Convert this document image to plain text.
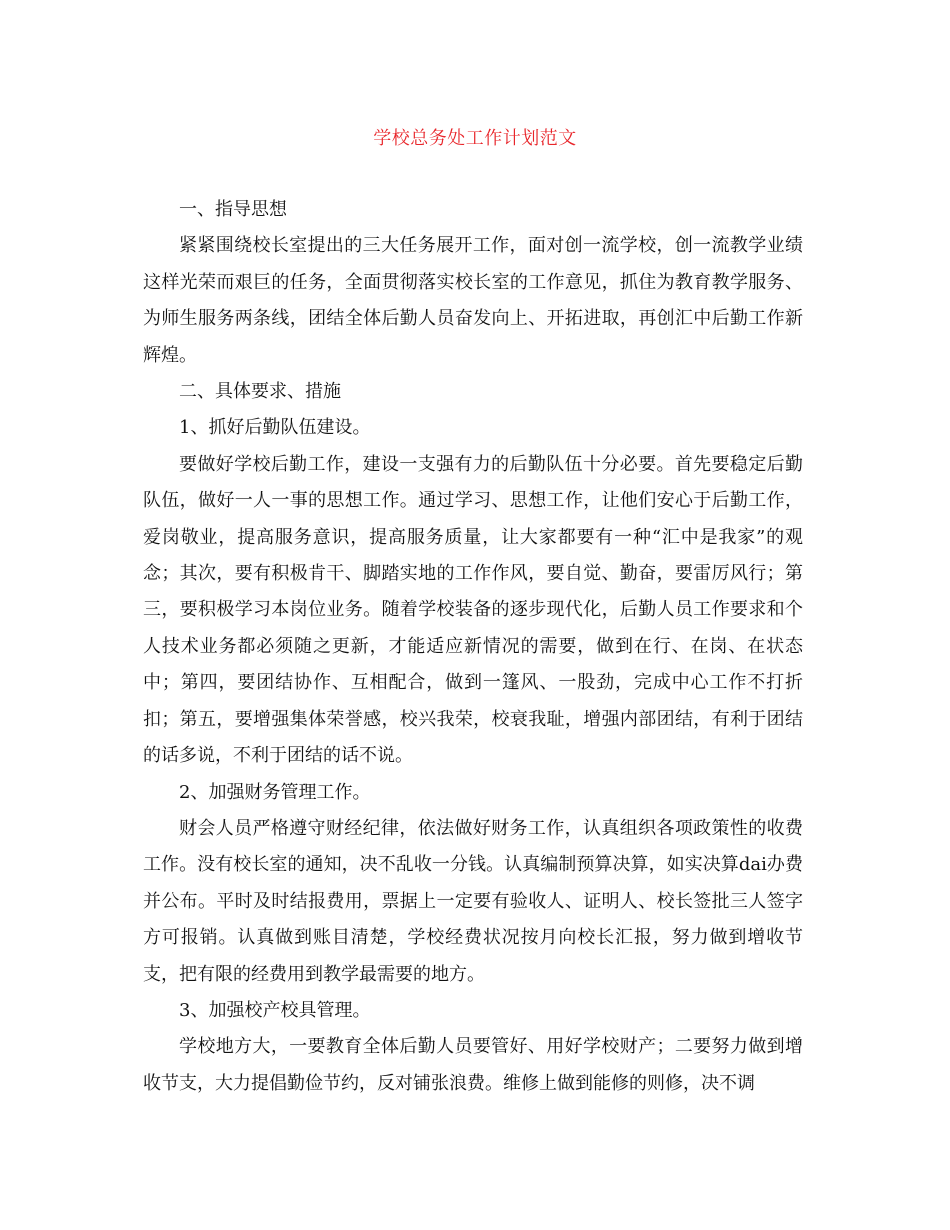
学校总务处工作计划范文

一、指导思想

紧紧围绕校长室提出的三大任务展开工作，面对创一流学校，创一流教学业绩这样光荣而艰巨的任务，全面贯彻落实校长室的工作意见，抓住为教育教学服务、为师生服务两条线，团结全体后勤人员奋发向上、开拓进取，再创汇中后勤工作新辉煌。

二、具体要求、措施

1、抓好后勤队伍建设。

要做好学校后勤工作，建设一支强有力的后勤队伍十分必要。首先要稳定后勤队伍，做好一人一事的思想工作。通过学习、思想工作，让他们安心于后勤工作，爱岗敬业，提高服务意识，提高服务质量，让大家都要有一种“汇中是我家”的观念；其次，要有积极肯干、脚踏实地的工作作风，要自觉、勤奋，要雷厉风行；第三，要积极学习本岗位业务。随着学校装备的逐步现代化，后勤人员工作要求和个人技术业务都必须随之更新，才能适应新情况的需要，做到在行、在岗、在状态中；第四，要团结协作、互相配合，做到一篷风、一股劲，完成中心工作不打折扣；第五，要增强集体荣誉感，校兴我荣，校衰我耻，增强内部团结，有利于团结的话多说，不利于团结的话不说。

2、加强财务管理工作。

财会人员严格遵守财经纪律，依法做好财务工作，认真组织各项政策性的收费工作。没有校长室的通知，决不乱收一分钱。认真编制预算决算，如实决算dai办费并公布。平时及时结报费用，票据上一定要有验收人、证明人、校长签批三人签字方可报销。认真做到账目清楚，学校经费状况按月向校长汇报，努力做到增收节支，把有限的经费用到教学最需要的地方。

3、加强校产校具管理。

学校地方大，一要教育全体后勤人员要管好、用好学校财产；二要努力做到增收节支，大力提倡勤俭节约，反对铺张浪费。维修上做到能修的则修，决不调
